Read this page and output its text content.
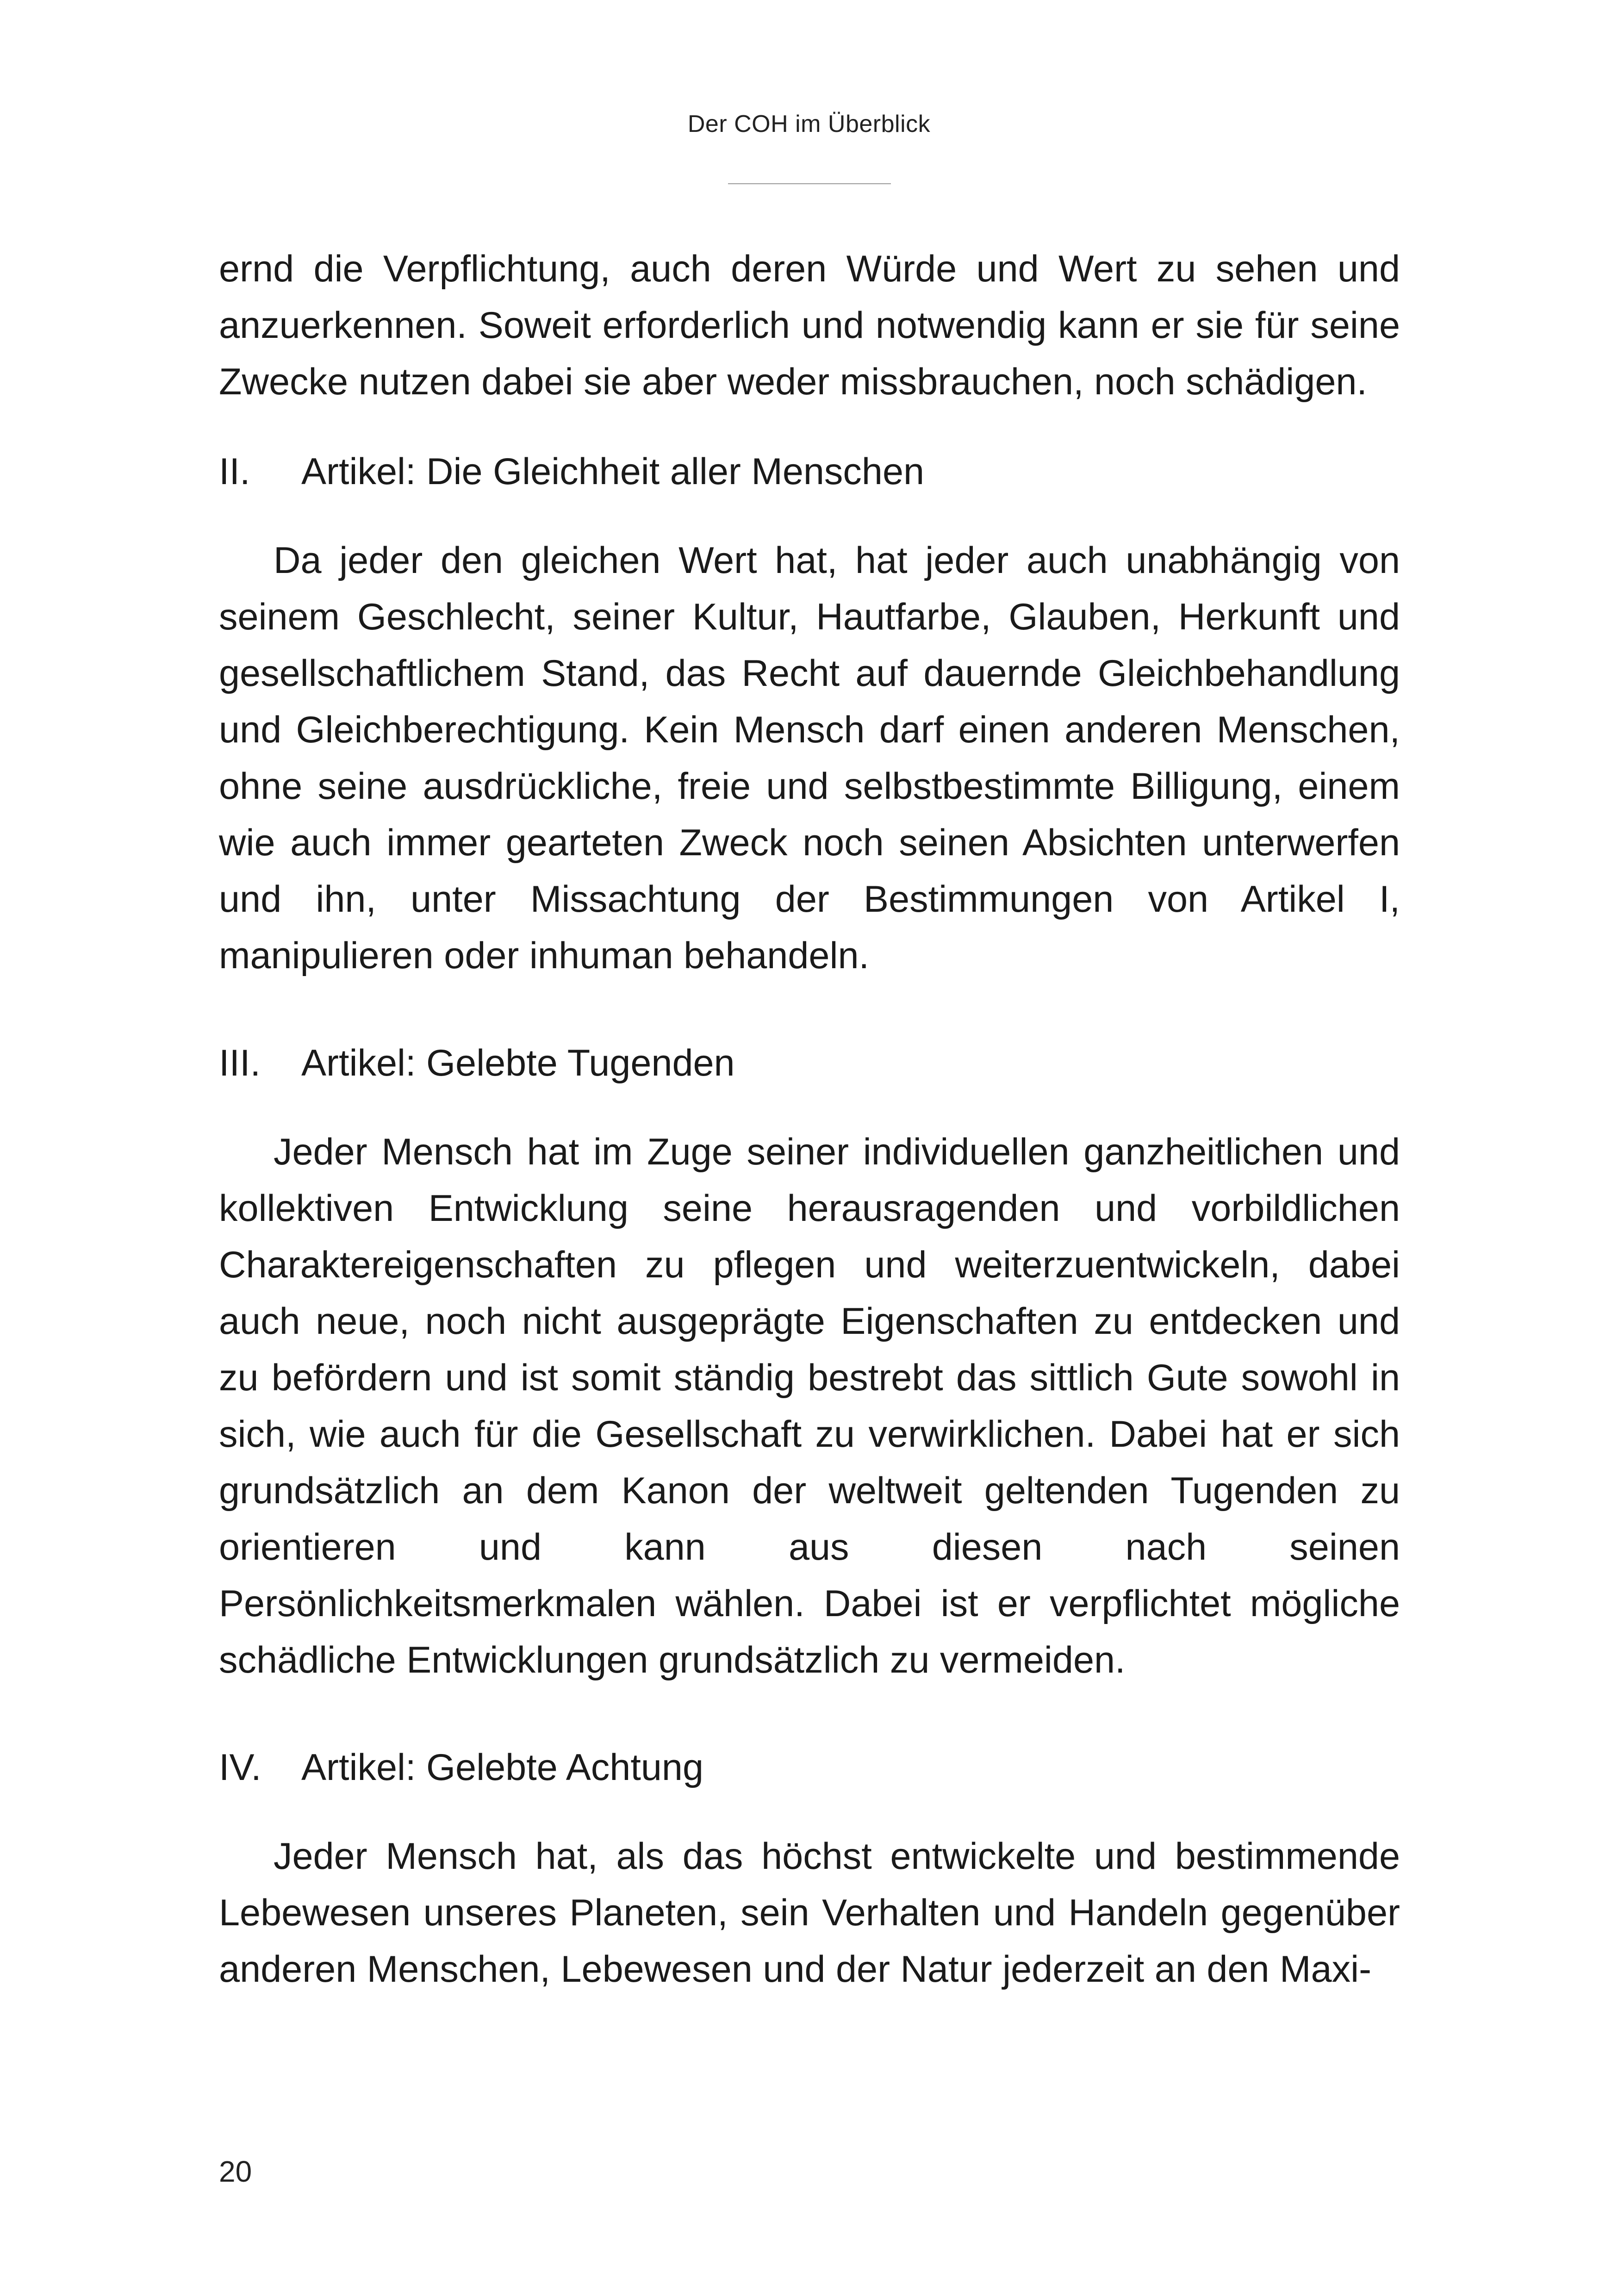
Der COH im Überblick

ernd die Verpflichtung, auch deren Würde und Wert zu sehen und anzuerkennen. Soweit erforderlich und notwendig kann er sie für seine Zwecke nutzen dabei sie aber weder missbrauchen, noch schädigen.

II.	Artikel: Die Gleichheit aller Menschen

Da jeder den gleichen Wert hat, hat jeder auch unabhängig von seinem Geschlecht, seiner Kultur, Hautfarbe, Glauben, Herkunft und gesellschaftlichem Stand, das Recht auf dauernde Gleichbehandlung und Gleichberechtigung. Kein Mensch darf einen anderen Menschen, ohne seine ausdrückliche, freie und selbstbestimmte Billigung, einem wie auch immer gearteten Zweck noch seinen Absichten unterwerfen und ihn, unter Missachtung der Bestimmungen von Artikel I, manipulieren oder inhuman behandeln.

III.	Artikel: Gelebte Tugenden

Jeder Mensch hat im Zuge seiner individuellen ganzheitlichen und kollektiven Entwicklung seine herausragenden und vorbildlichen Charaktereigenschaften zu pflegen und weiterzuentwickeln, dabei auch neue, noch nicht ausgeprägte Eigenschaften zu entdecken und zu befördern und ist somit ständig bestrebt das sittlich Gute sowohl in sich, wie auch für die Gesellschaft zu verwirklichen. Dabei hat er sich grundsätzlich an dem Kanon der weltweit geltenden Tugenden zu orientieren und kann aus diesen nach seinen Persönlichkeitsmerkmalen wählen. Dabei ist er verpflichtet mögliche schädliche Entwicklungen grundsätzlich zu vermeiden.

IV.	Artikel: Gelebte Achtung

Jeder Mensch hat, als das höchst entwickelte und bestimmende Lebewesen unseres Planeten, sein Verhalten und Handeln gegenüber anderen Menschen, Lebewesen und der Natur jederzeit an den Maxi-

20
